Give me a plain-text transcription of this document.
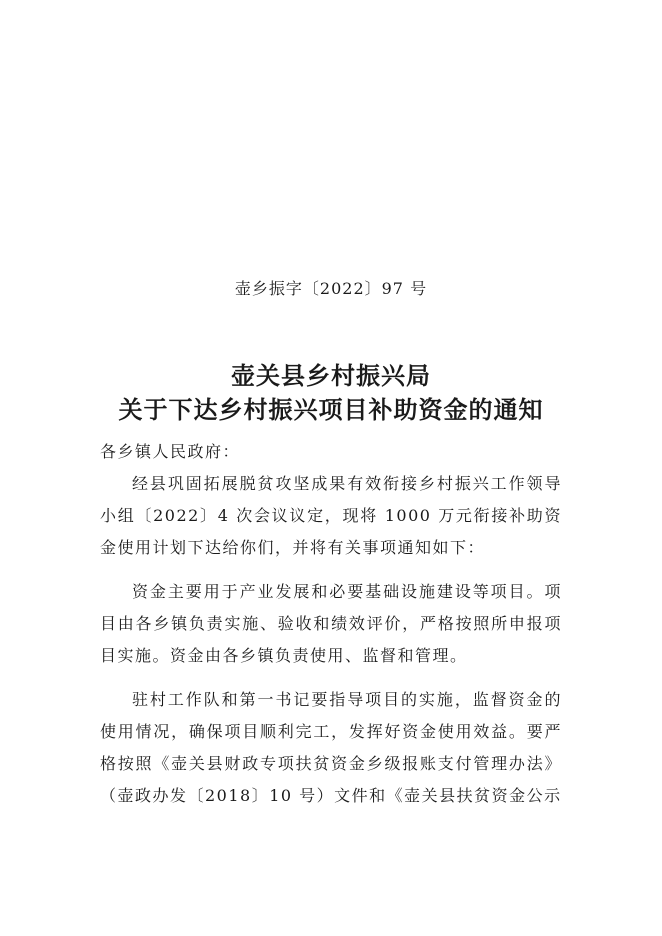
壶乡振字〔2022〕97 号
壶关县乡村振兴局
关于下达乡村振兴项目补助资金的通知

各乡镇人民政府：

经县巩固拓展脱贫攻坚成果有效衔接乡村振兴工作领导小组〔2022〕4 次会议议定，现将 1000 万元衔接补助资金使用计划下达给你们，并将有关事项通知如下：

资金主要用于产业发展和必要基础设施建设等项目。项目由各乡镇负责实施、验收和绩效评价，严格按照所申报项目实施。资金由各乡镇负责使用、监督和管理。

驻村工作队和第一书记要指导项目的实施，监督资金的使用情况，确保项目顺利完工，发挥好资金使用效益。要严格按照《壶关县财政专项扶贫资金乡级报账支付管理办法》（壶政办发〔2018〕10 号）文件和《壶关县扶贫资金公示
